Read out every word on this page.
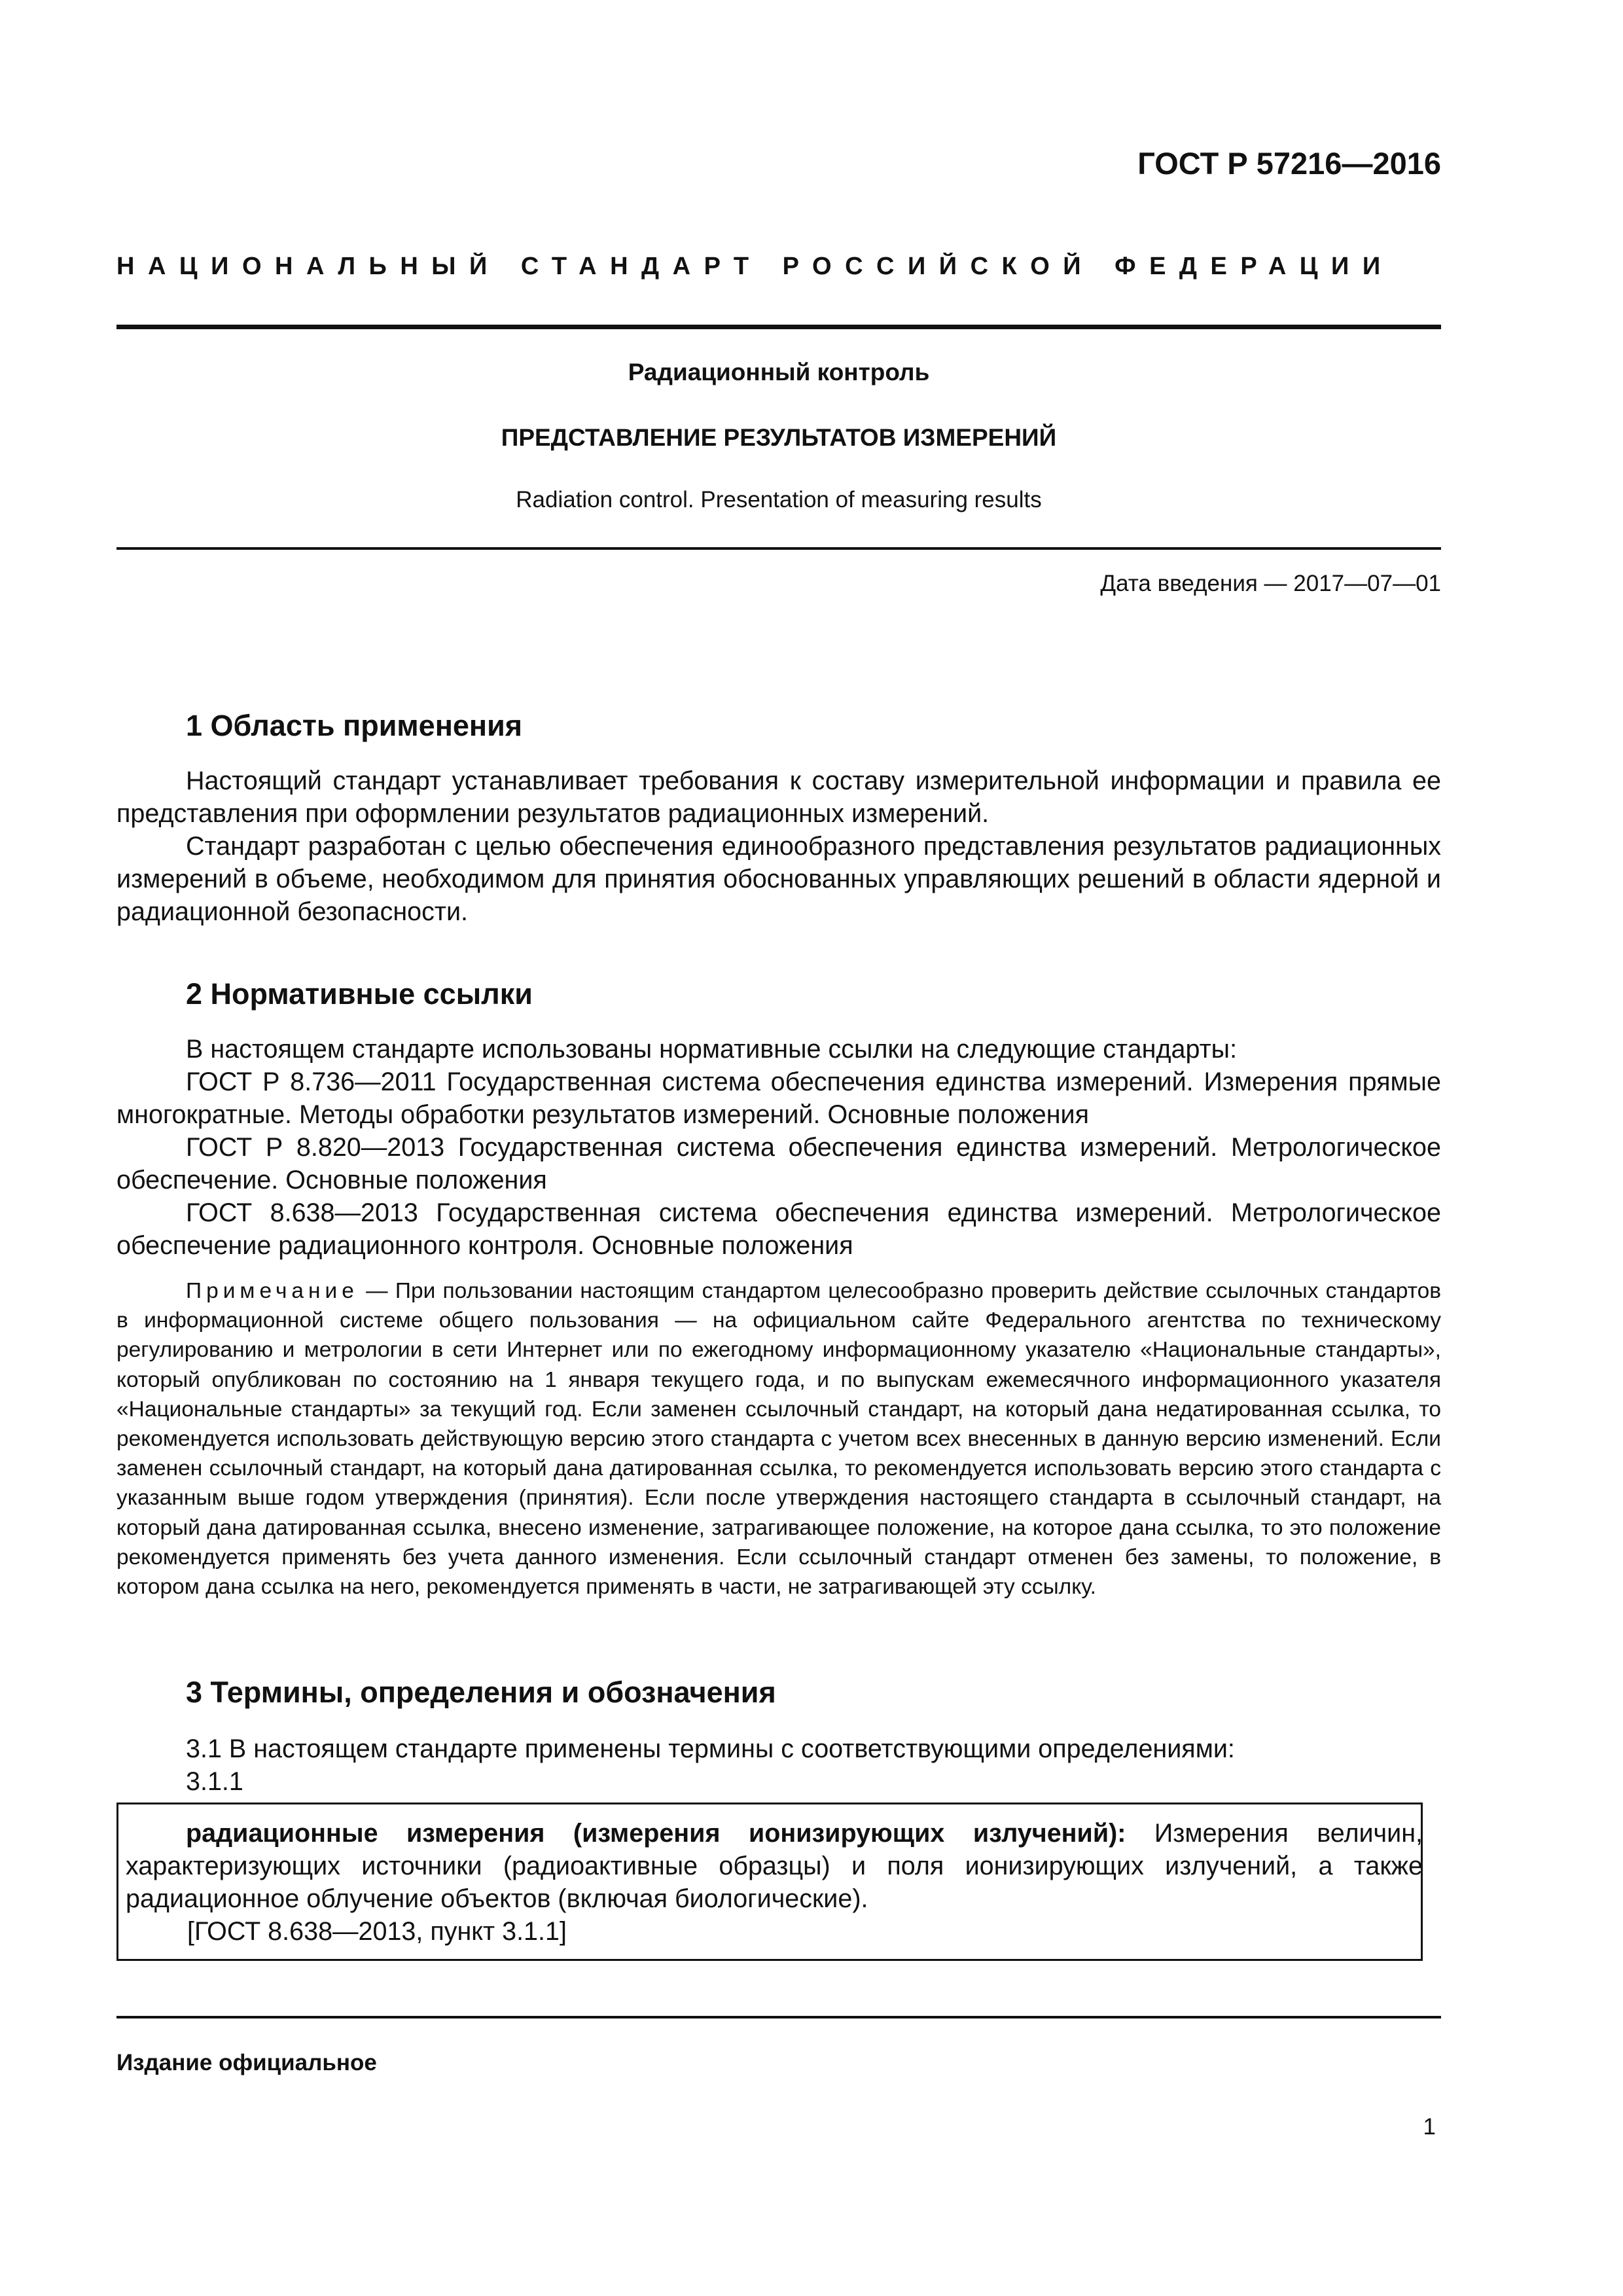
ГОСТ Р 57216—2016
НАЦИОНАЛЬНЫЙ СТАНДАРТ РОССИЙСКОЙ ФЕДЕРАЦИИ
Радиационный контроль
ПРЕДСТАВЛЕНИЕ РЕЗУЛЬТАТОВ ИЗМЕРЕНИЙ
Radiation control. Presentation of measuring results
Дата введения — 2017—07—01
1 Область применения

Настоящий стандарт устанавливает требования к составу измерительной информации и правила ее представления при оформлении результатов радиационных измерений.

Стандарт разработан с целью обеспечения единообразного представления результатов радиационных измерений в объеме, необходимом для принятия обоснованных управляющих решений в области ядерной и радиационной безопасности.

2 Нормативные ссылки

В настоящем стандарте использованы нормативные ссылки на следующие стандарты:

ГОСТ Р 8.736—2011 Государственная система обеспечения единства измерений. Измерения прямые многократные. Методы обработки результатов измерений. Основные положения

ГОСТ Р 8.820—2013 Государственная система обеспечения единства измерений. Метрологическое обеспечение. Основные положения

ГОСТ 8.638—2013 Государственная система обеспечения единства измерений. Метрологическое обеспечение радиационного контроля. Основные положения

Примечание — При пользовании настоящим стандартом целесообразно проверить действие ссылочных стандартов в информационной системе общего пользования — на официальном сайте Федерального агентства по техническому регулированию и метрологии в сети Интернет или по ежегодному информационному указателю «Национальные стандарты», который опубликован по состоянию на 1 января текущего года, и по выпускам ежемесячного информационного указателя «Национальные стандарты» за текущий год. Если заменен ссылочный стандарт, на который дана недатированная ссылка, то рекомендуется использовать действующую версию этого стандарта с учетом всех внесенных в данную версию изменений. Если заменен ссылочный стандарт, на который дана датированная ссылка, то рекомендуется использовать версию этого стандарта с указанным выше годом утверждения (принятия). Если после утверждения настоящего стандарта в ссылочный стандарт, на который дана датированная ссылка, внесено изменение, затрагивающее положение, на которое дана ссылка, то это положение рекомендуется применять без учета данного изменения. Если ссылочный стандарт отменен без замены, то положение, в котором дана ссылка на него, рекомендуется применять в части, не затрагивающей эту ссылку.
3 Термины, определения и обозначения

3.1 В настоящем стандарте применены термины с соответствующими определениями:

3.1.1

радиационные измерения (измерения ионизирующих излучений): Измерения величин, характеризующих источники (радиоактивные образцы) и поля ионизирующих излучений, а также радиационное облучение объектов (включая биологические).
[ГОСТ 8.638—2013, пункт 3.1.1]
Издание официальное
1
